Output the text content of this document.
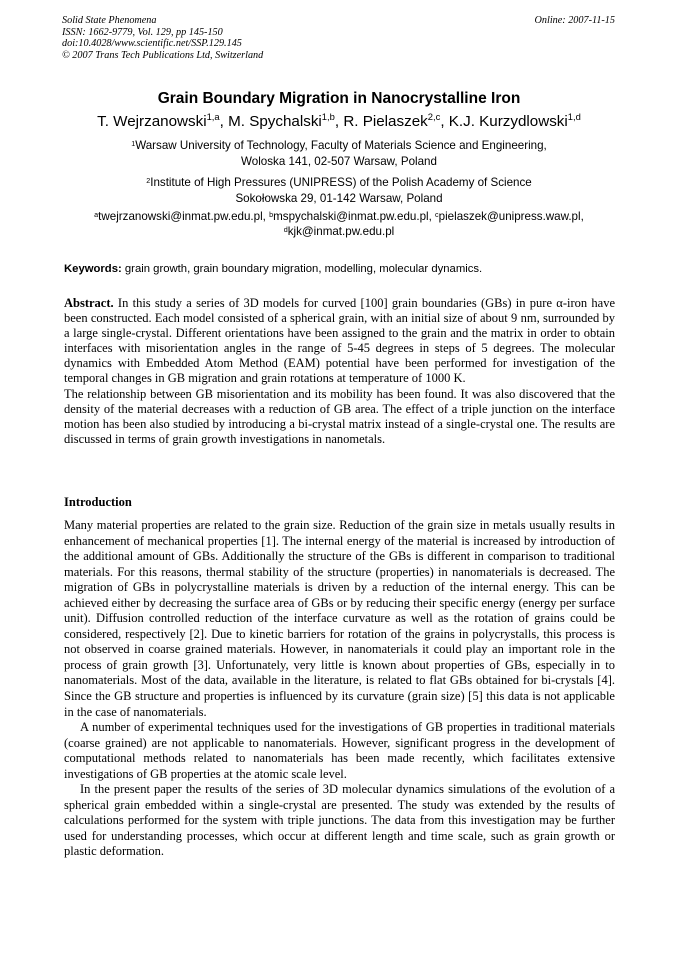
Solid State Phenomena
ISSN: 1662-9779, Vol. 129, pp 145-150
doi:10.4028/www.scientific.net/SSP.129.145
© 2007 Trans Tech Publications Ltd, Switzerland
Online: 2007-11-15
Grain Boundary Migration in Nanocrystalline Iron
T. Wejrzanowski$^{1,a}$, M. Spychalski$^{1,b}$, R. Pielaszek$^{2,c}$, K.J. Kurzydlowski$^{1,d}$
$^1$Warsaw University of Technology, Faculty of Materials Science and Engineering,
Woloska 141, 02-507 Warsaw, Poland
$^2$Institute of High Pressures (UNIPRESS) of the Polish Academy of Science
Sokołowska 29, 01-142 Warsaw, Poland
$^a$twejrzanowski@inmat.pw.edu.pl, $^b$mspychalski@inmat.pw.edu.pl, $^c$pielaszek@unipress.waw.pl,
$^d$kjk@inmat.pw.edu.pl
Keywords: grain growth, grain boundary migration, modelling, molecular dynamics.

Abstract. In this study a series of 3D models for curved [100] grain boundaries (GBs) in pure α-iron have been constructed. Each model consisted of a spherical grain, with an initial size of about 9 nm, surrounded by a large single-crystal. Different orientations have been assigned to the grain and the matrix in order to obtain interfaces with misorientation angles in the range of 5-45 degrees in steps of 5 degrees. The molecular dynamics with Embedded Atom Method (EAM) potential have been performed for investigation of the temporal changes in GB migration and grain rotations at temperature of 1000 K.

The relationship between GB misorientation and its mobility has been found. It was also discovered that the density of the material decreases with a reduction of GB area. The effect of a triple junction on the interface motion has been also studied by introducing a bi-crystal matrix instead of a single-crystal one. The results are discussed in terms of grain growth investigations in nanometals.

Introduction

Many material properties are related to the grain size. Reduction of the grain size in metals usually results in enhancement of mechanical properties [1]. The internal energy of the material is increased by introduction of the additional amount of GBs. Additionally the structure of the GBs is different in comparison to traditional materials. For this reasons, thermal stability of the structure (properties) in nanomaterials is decreased. The migration of GBs in polycrystalline materials is driven by a reduction of the internal energy. This can be achieved either by decreasing the surface area of GBs or by reducing their specific energy (energy per surface unit). Diffusion controlled reduction of the interface curvature as well as the rotation of grains could be considered, respectively [2]. Due to kinetic barriers for rotation of the grains in polycrystalls, this process is not observed in coarse grained materials. However, in nanomaterials it could play an important role in the process of grain growth [3]. Unfortunately, very little is known about properties of GBs, especially in to nanomaterials. Most of the data, available in the literature, is related to flat GBs obtained for bi-crystals [4]. Since the GB structure and properties is influenced by its curvature (grain size) [5] this data is not applicable in the case of nanomaterials.

A number of experimental techniques used for the investigations of GB properties in traditional materials (coarse grained) are not applicable to nanomaterials. However, significant progress in the development of computational methods related to nanomaterials has been made recently, which facilitates extensive investigations of GB properties at the atomic scale level.

In the present paper the results of the series of 3D molecular dynamics simulations of the evolution of a spherical grain embedded within a single-crystal are presented. The study was extended by the results of calculations performed for the system with triple junctions. The data from this investigation may be further used for understanding processes, which occur at different length and time scale, such as grain growth or plastic deformation.
